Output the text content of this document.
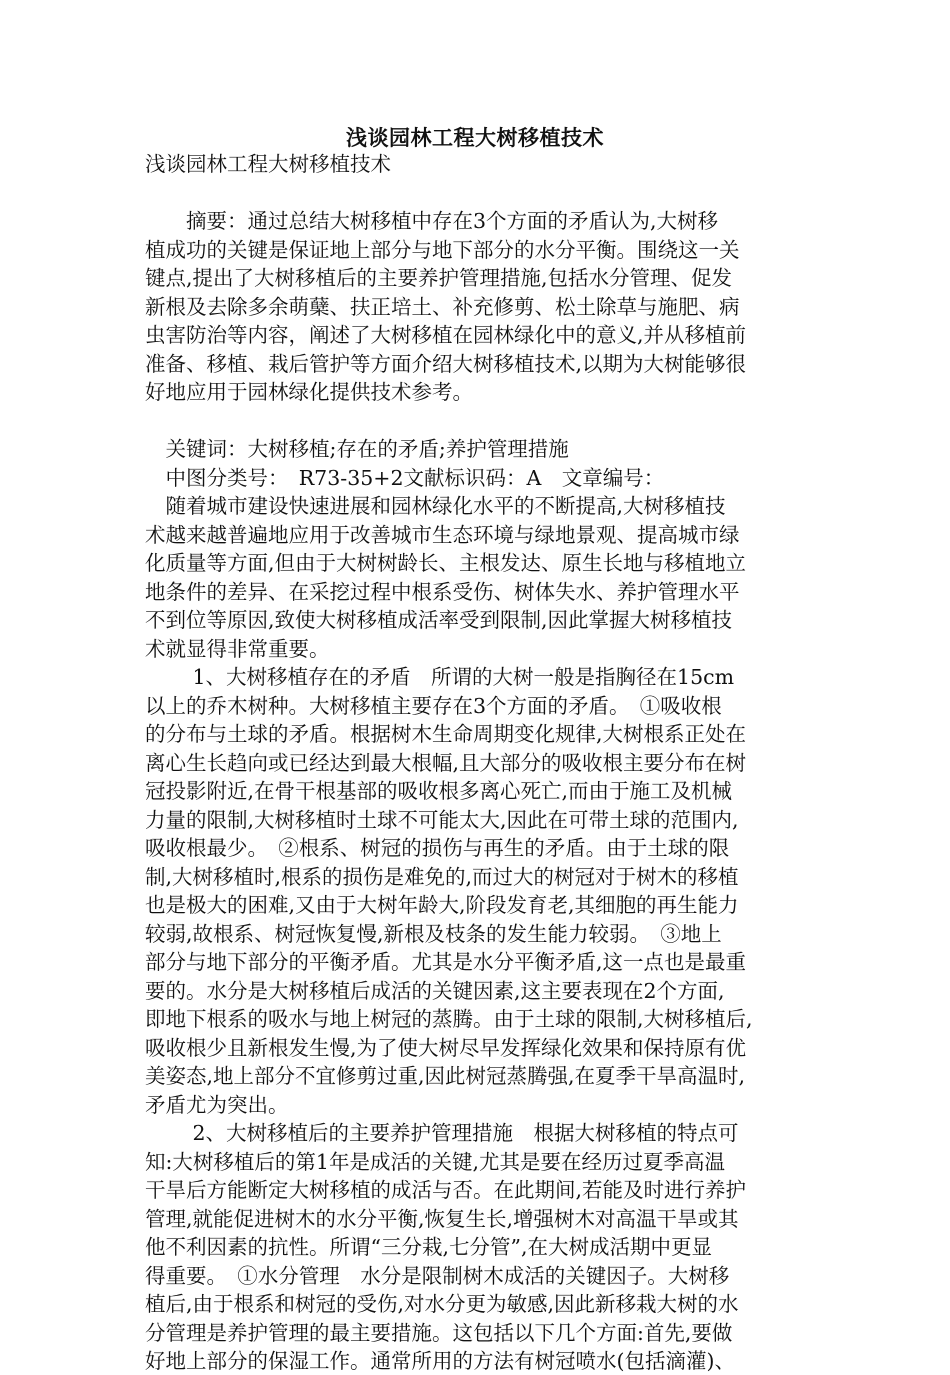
浅谈园林工程大树移植技术
浅谈园林工程大树移植技术
　　摘要：通过总结大树移植中存在3个方面的矛盾认为,大树移
植成功的关键是保证地上部分与地下部分的水分平衡。围绕这一关
键点,提出了大树移植后的主要养护管理措施,包括水分管理、促发
新根及去除多余萌蘖、扶正培土、补充修剪、松土除草与施肥、病
虫害防治等内容，阐述了大树移植在园林绿化中的意义,并从移植前
准备、移植、栽后管护等方面介绍大树移植技术,以期为大树能够很
好地应用于园林绿化提供技术参考。
　关键词：大树移植;存在的矛盾;养护管理措施
　中图分类号：　R73-35+2文献标识码：A　文章编号：
　随着城市建设快速进展和园林绿化水平的不断提高,大树移植技
术越来越普遍地应用于改善城市生态环境与绿地景观、提高城市绿
化质量等方面,但由于大树树龄长、主根发达、原生长地与移植地立
地条件的差异、在采挖过程中根系受伤、树体失水、养护管理水平
不到位等原因,致使大树移植成活率受到限制,因此掌握大树移植技
术就显得非常重要。
　　 1、大树移植存在的矛盾　所谓的大树一般是指胸径在15cm
以上的乔木树种。大树移植主要存在3个方面的矛盾。　①吸收根
的分布与土球的矛盾。根据树木生命周期变化规律,大树根系正处在
离心生长趋向或已经达到最大根幅,且大部分的吸收根主要分布在树
冠投影附近,在骨干根基部的吸收根多离心死亡,而由于施工及机械
力量的限制,大树移植时土球不可能太大,因此在可带土球的范围内,
吸收根最少。　②根系、树冠的损伤与再生的矛盾。由于土球的限
制,大树移植时,根系的损伤是难免的,而过大的树冠对于树木的移植
也是极大的困难,又由于大树年龄大,阶段发育老,其细胞的再生能力
较弱,故根系、树冠恢复慢,新根及枝条的发生能力较弱。　③地上
部分与地下部分的平衡矛盾。尤其是水分平衡矛盾,这一点也是最重
要的。水分是大树移植后成活的关键因素,这主要表现在2个方面,
即地下根系的吸水与地上树冠的蒸腾。由于土球的限制,大树移植后,
吸收根少且新根发生慢,为了使大树尽早发挥绿化效果和保持原有优
美姿态,地上部分不宜修剪过重,因此树冠蒸腾强,在夏季干旱高温时,
矛盾尤为突出。
　　 2、大树移植后的主要养护管理措施　根据大树移植的特点可
知:大树移植后的第1年是成活的关键,尤其是要在经历过夏季高温
干旱后方能断定大树移植的成活与否。在此期间,若能及时进行养护
管理,就能促进树木的水分平衡,恢复生长,增强树木对高温干旱或其
他不利因素的抗性。所谓“三分栽,七分管”,在大树成活期中更显
得重要。　①水分管理　水分是限制树木成活的关键因子。大树移
植后,由于根系和树冠的受伤,对水分更为敏感,因此新移栽大树的水
分管理是养护管理的最主要措施。这包括以下几个方面:首先,要做
好地上部分的保湿工作。通常所用的方法有树冠喷水(包括滴灌)、
